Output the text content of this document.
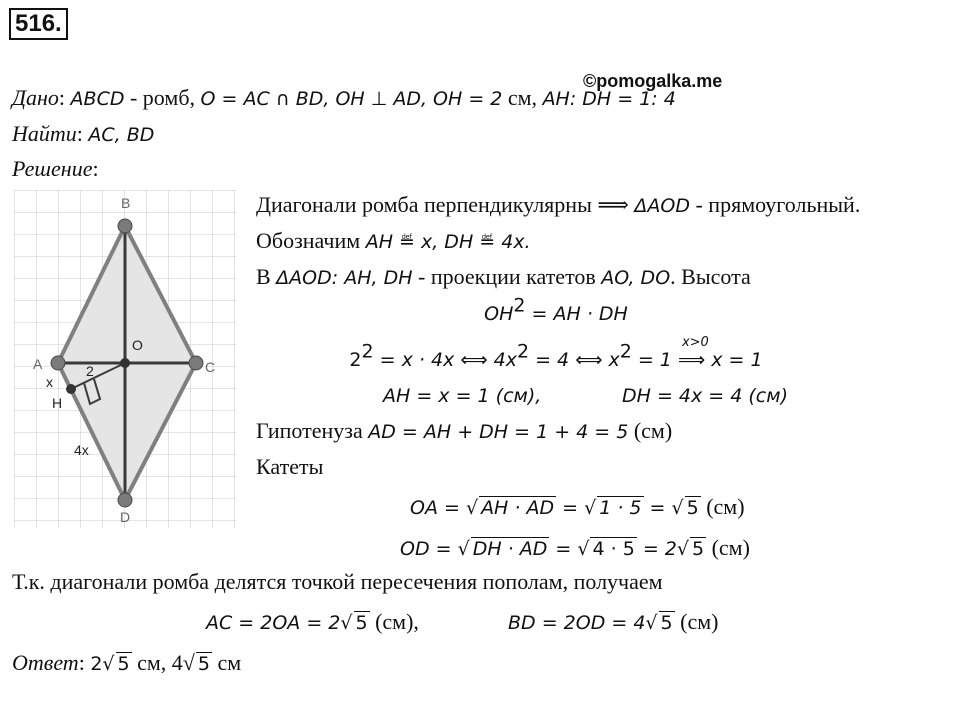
516.
©pomogalka.me
Дано: ABCD - ромб, O = AC ∩ BD, OH ⊥ AD, OH = 2 см, AH: DH = 1: 4
Найти: AC, BD
Решение:
B
A	C
D
O
H
x
2
4x
Диагонали ромба перпендикулярны ⟹ ΔAOD - прямоугольный.
Обозначим AH ≝ x, DH ≝ 4x.
В ΔAOD: AH, DH - проекции катетов AO, DO. Высота
$OH^2$ = AH · DH
$2^2 = x \cdot 4x$ ⟺ $4x^2 = 4$ ⟺ $x^2 = 1$
x>0
⟹ x = 1
AH = x = 1 (см),	DH = 4x = 4 (см)
Гипотенуза AD = AH + DH = 1 + 4 = 5 (см)
Катеты
OA = √ AH · AD = √ 1 · 5 = √ 5 (см)
OD = √ DH · AD = √ 4 · 5 = 2√ 5 (см)
Т.к. диагонали ромба делятся точкой пересечения пополам, получаем
AC = 2OA = 2√ 5 (см),	BD = 2OD = 4√ 5 (см)
Ответ: 2√ 5 см, 4√ 5 см
